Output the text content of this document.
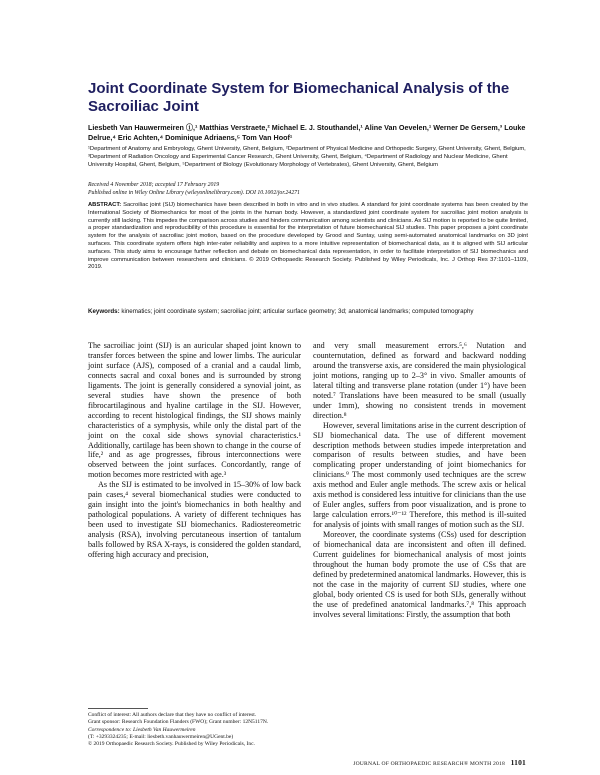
Joint Coordinate System for Biomechanical Analysis of the Sacroiliac Joint
Liesbeth Van Hauwermeiren ⓘ,¹ Matthias Verstraete,² Michael E. J. Stouthandel,¹ Aline Van Oevelen,¹ Werner De Gersem,³ Louke Delrue,⁴ Eric Achten,⁴ Dominique Adriaens,⁵ Tom Van Hoof¹
¹Department of Anatomy and Embryology, Ghent University, Ghent, Belgium, ²Department of Physical Medicine and Orthopedic Surgery, Ghent University, Ghent, Belgium, ³Department of Radiation Oncology and Experimental Cancer Research, Ghent University, Ghent, Belgium, ⁴Department of Radiology and Nuclear Medicine, Ghent University Hospital, Ghent, Belgium, ⁵Department of Biology (Evolutionary Morphology of Vertebrates), Ghent University, Ghent, Belgium
Received 4 November 2018; accepted 17 February 2019
Published online in Wiley Online Library (wileyonlinelibrary.com). DOI 10.1002/jor.24271
ABSTRACT: Sacroiliac joint (SIJ) biomechanics have been described in both in vitro and in vivo studies. A standard for joint coordinate systems has been created by the International Society of Biomechanics for most of the joints in the human body. However, a standardized joint coordinate system for sacroiliac joint motion analysis is currently still lacking. This impedes the comparison across studies and hinders communication among scientists and clinicians. As SIJ motion is reported to be quite limited, a proper standardization and reproducibility of this procedure is essential for the interpretation of future biomechanical SIJ studies. This paper proposes a joint coordinate system for the analysis of sacroiliac joint motion, based on the procedure developed by Grood and Suntay, using semi-automated anatomical landmarks on 3D joint surfaces. This coordinate system offers high inter-rater reliability and aspires to a more intuitive representation of biomechanical data, as it is aligned with SIJ articular surfaces. This study aims to encourage further reflection and debate on biomechanical data representation, in order to facilitate interpretation of SIJ biomechanics and improve communication between researchers and clinicians. © 2019 Orthopaedic Research Society. Published by Wiley Periodicals, Inc. J Orthop Res 37:1101–1109, 2019.
Keywords: kinematics; joint coordinate system; sacroiliac joint; articular surface geometry; 3d; anatomical landmarks; computed tomography

The sacroiliac joint (SIJ) is an auricular shaped joint known to transfer forces between the spine and lower limbs. The auricular joint surface (AJS), composed of a cranial and a caudal limb, connects sacral and coxal bones and is surrounded by strong ligaments. The joint is generally considered a synovial joint, as several studies have shown the presence of both fibrocartilaginous and hyaline cartilage in the SIJ. However, according to recent histological findings, the SIJ shows mainly characteristics of a symphysis, while only the distal part of the joint on the coxal side shows synovial characteristics.¹ Additionally, cartilage has been shown to change in the course of life,² and as age progresses, fibrous interconnections were observed between the joint surfaces. Concordantly, range of motion becomes more restricted with age.³

As the SIJ is estimated to be involved in 15–30% of low back pain cases,⁴ several biomechanical studies were conducted to gain insight into the joint's biomechanics in both healthy and pathological populations. A variety of different techniques has been used to investigate SIJ biomechanics. Radiostereometric analysis (RSA), involving percutaneous insertion of tantalum balls followed by RSA X-rays, is considered the golden standard, offering high accuracy and precision,

and very small measurement errors.⁵,⁶ Nutation and counternutation, defined as forward and backward nodding around the transverse axis, are considered the main physiological joint motions, ranging up to 2–3° in vivo. Smaller amounts of lateral tilting and transverse plane rotation (under 1°) have been noted.⁷ Translations have been measured to be small (usually under 1mm), showing no consistent trends in movement direction.⁸

However, several limitations arise in the current description of SIJ biomechanical data. The use of different movement description methods between studies impede interpretation and comparison of results between studies, and have been complicating proper understanding of joint biomechanics for clinicians.⁹ The most commonly used techniques are the screw axis method and Euler angle methods. The screw axis or helical axis method is considered less intuitive for clinicians than the use of Euler angles, suffers from poor visualization, and is prone to large calculation errors.¹⁰⁻¹² Therefore, this method is ill-suited for analysis of joints with small ranges of motion such as the SIJ.

Moreover, the coordinate systems (CSs) used for description of biomechanical data are inconsistent and often ill defined. Current guidelines for biomechanical analysis of most joints throughout the human body promote the use of CSs that are defined by predetermined anatomical landmarks. However, this is not the case in the majority of current SIJ studies, where one global, body oriented CS is used for both SIJs, generally without the use of predefined anatomical landmarks.⁷,⁸ This approach involves several limitations: Firstly, the assumption that both

Conflict of interest: All authors declare that they have no conflict of interest.
Grant sponsor: Research Foundation Flanders (FWO); Grant number: 12N5117N.
Correspondence to: Liesbeth Van Hauwermeiren
(T: +3293324235; E-mail: liesbeth.vanhauwermeiren@UGent.be)
© 2019 Orthopaedic Research Society. Published by Wiley Periodicals, Inc.
JOURNAL OF ORTHOPAEDIC RESEARCH® MONTH 2018 1101
